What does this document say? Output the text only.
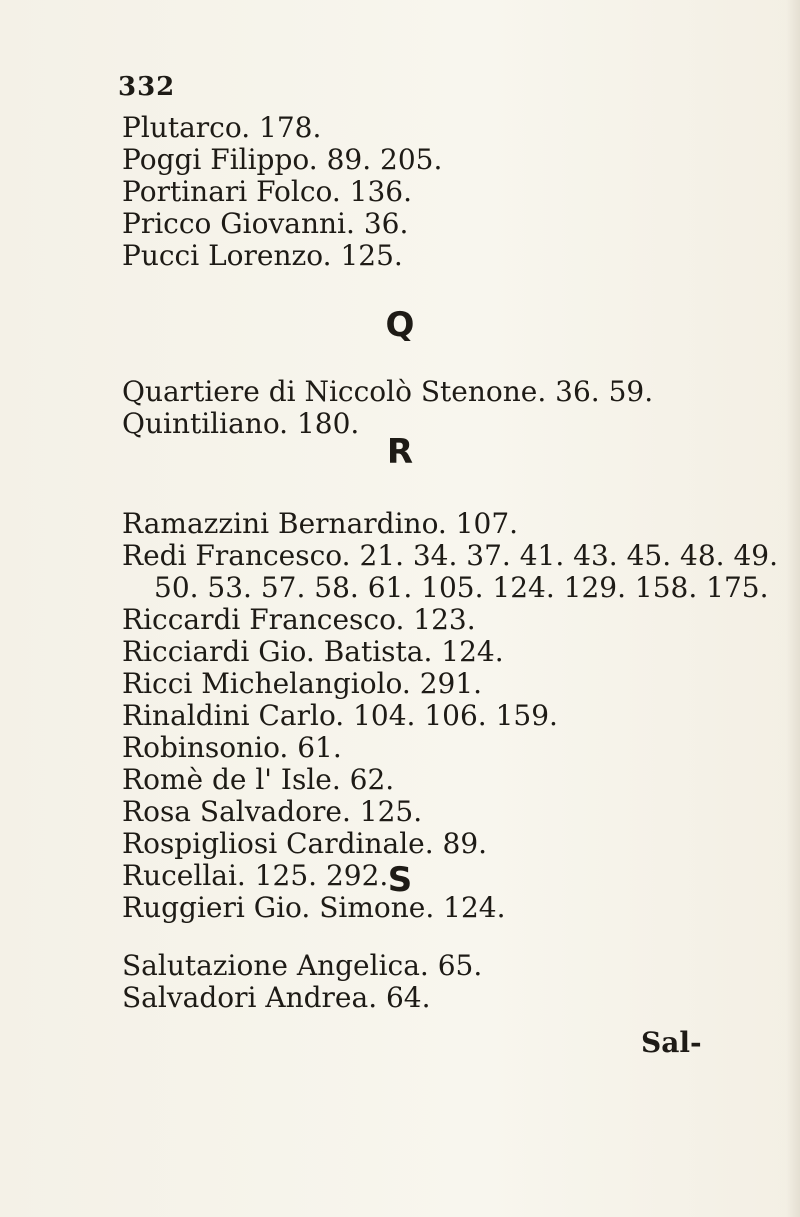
332
Plutarco. 178.
Poggi Filippo. 89. 205.
Portinari Folco. 136.
Pricco Giovanni. 36.
Pucci Lorenzo. 125.
Q
Quartiere di Niccolò Stenone. 36. 59.
Quintiliano. 180.
R
Ramazzini Bernardino. 107.
Redi Francesco. 21. 34. 37. 41. 43. 45. 48. 49.
50. 53. 57. 58. 61. 105. 124. 129. 158. 175.
Riccardi Francesco. 123.
Ricciardi Gio. Batista. 124.
Ricci Michelangiolo. 291.
Rinaldini Carlo. 104. 106. 159.
Robinsonio. 61.
Romè de l' Isle. 62.
Rosa Salvadore. 125.
Rospigliosi Cardinale. 89.
Rucellai. 125. 292.
Ruggieri Gio. Simone. 124.
S
Salutazione Angelica. 65.
Salvadori Andrea. 64.
Sal-
